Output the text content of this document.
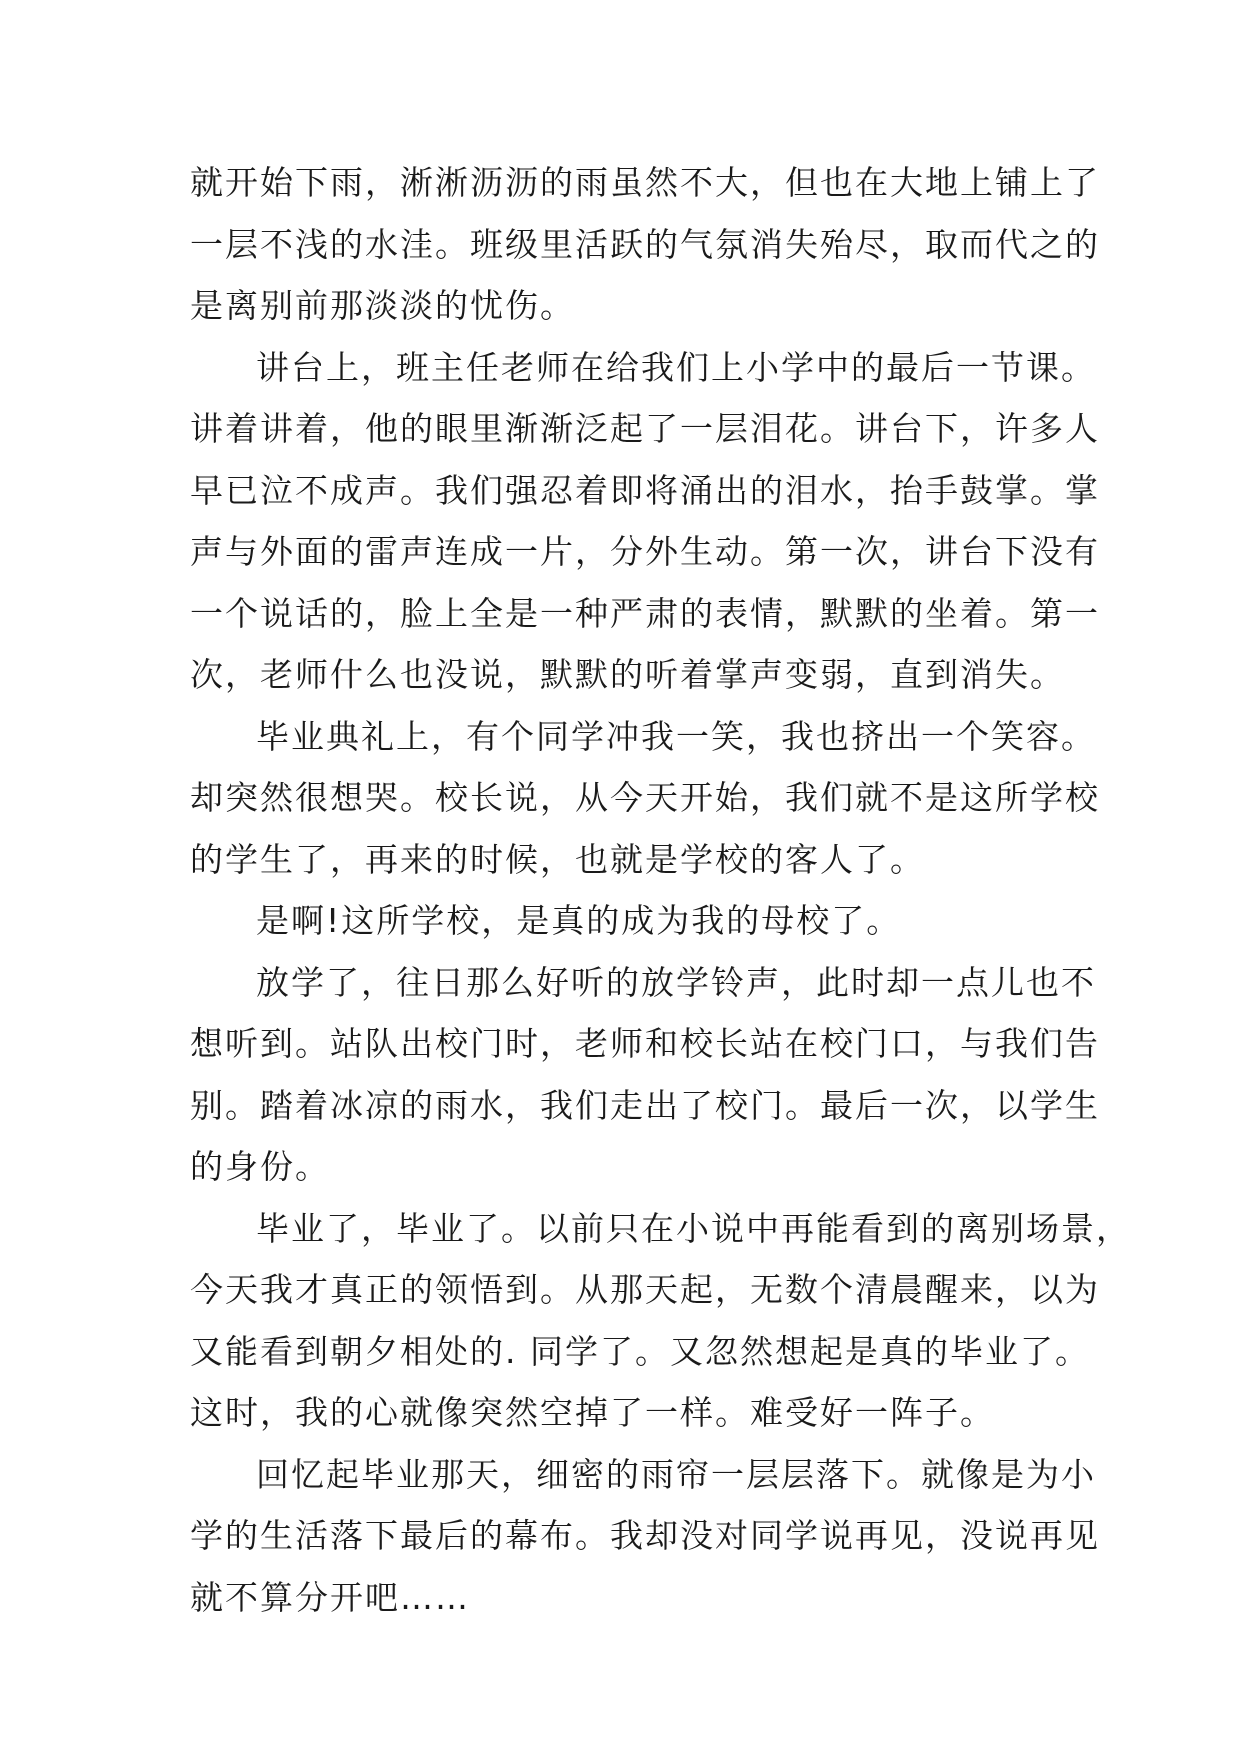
就开始下雨，淅淅沥沥的雨虽然不大，但也在大地上铺上了

一层不浅的水洼。班级里活跃的气氛消失殆尽，取而代之的

是离别前那淡淡的忧伤。

讲台上，班主任老师在给我们上小学中的最后一节课。

讲着讲着，他的眼里渐渐泛起了一层泪花。讲台下，许多人

早已泣不成声。我们强忍着即将涌出的泪水，抬手鼓掌。掌

声与外面的雷声连成一片，分外生动。第一次，讲台下没有

一个说话的，脸上全是一种严肃的表情，默默的坐着。第一

次，老师什么也没说，默默的听着掌声变弱，直到消失。

毕业典礼上，有个同学冲我一笑，我也挤出一个笑容。

却突然很想哭。校长说，从今天开始，我们就不是这所学校

的学生了，再来的时候，也就是学校的客人了。

是啊!这所学校，是真的成为我的母校了。

放学了，往日那么好听的放学铃声，此时却一点儿也不

想听到。站队出校门时，老师和校长站在校门口，与我们告

别。踏着冰凉的雨水，我们走出了校门。最后一次，以学生

的身份。

毕业了，毕业了。以前只在小说中再能看到的离别场景，

今天我才真正的领悟到。从那天起，无数个清晨醒来，以为

又能看到朝夕相处的. 同学了。又忽然想起是真的毕业了。

这时，我的心就像突然空掉了一样。难受好一阵子。

回忆起毕业那天，细密的雨帘一层层落下。就像是为小

学的生活落下最后的幕布。我却没对同学说再见，没说再见

就不算分开吧……
